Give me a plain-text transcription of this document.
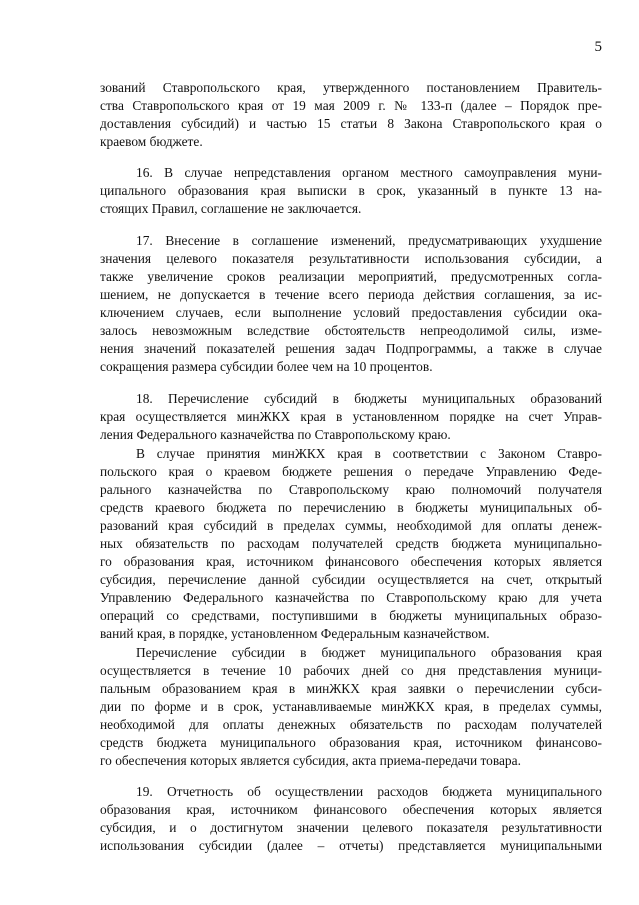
5
зований Ставропольского края, утвержденного постановлением Правитель-
ства Ставропольского края от 19 мая 2009 г. № 133-п (далее – Порядок пре-
доставления субсидий) и частью 15 статьи 8 Закона Ставропольского края о
краевом бюджете.
16. В случае непредставления органом местного самоуправления муни-
ципального образования края выписки в срок, указанный в пункте 13 на-
стоящих Правил, соглашение не заключается.
17. Внесение в соглашение изменений, предусматривающих ухудшение
значения целевого показателя результативности использования субсидии, а
также увеличение сроков реализации мероприятий, предусмотренных согла-
шением, не допускается в течение всего периода действия соглашения, за ис-
ключением случаев, если выполнение условий предоставления субсидии ока-
залось невозможным вследствие обстоятельств непреодолимой силы, изме-
нения значений показателей решения задач Подпрограммы, а также в случае
сокращения размера субсидии более чем на 10 процентов.
18. Перечисление субсидий в бюджеты муниципальных образований
края осуществляется минЖКХ края в установленном порядке на счет Управ-
ления Федерального казначейства по Ставропольскому краю.
В случае принятия минЖКХ края в соответствии с Законом Ставро-
польского края о краевом бюджете решения о передаче Управлению Феде-
рального казначейства по Ставропольскому краю полномочий получателя
средств краевого бюджета по перечислению в бюджеты муниципальных об-
разований края субсидий в пределах суммы, необходимой для оплаты денеж-
ных обязательств по расходам получателей средств бюджета муниципально-
го образования края, источником финансового обеспечения которых является
субсидия, перечисление данной субсидии осуществляется на счет, открытый
Управлению Федерального казначейства по Ставропольскому краю для учета
операций со средствами, поступившими в бюджеты муниципальных образо-
ваний края, в порядке, установленном Федеральным казначейством.
Перечисление субсидии в бюджет муниципального образования края
осуществляется в течение 10 рабочих дней со дня представления муници-
пальным образованием края в минЖКХ края заявки о перечислении субси-
дии по форме и в срок, устанавливаемые минЖКХ края, в пределах суммы,
необходимой для оплаты денежных обязательств по расходам получателей
средств бюджета муниципального образования края, источником финансово-
го обеспечения которых является субсидия, акта приема-передачи товара.
19. Отчетность об осуществлении расходов бюджета муниципального
образования края, источником финансового обеспечения которых является
субсидия, и о достигнутом значении целевого показателя результативности
использования субсидии (далее – отчеты) представляется муниципальными
